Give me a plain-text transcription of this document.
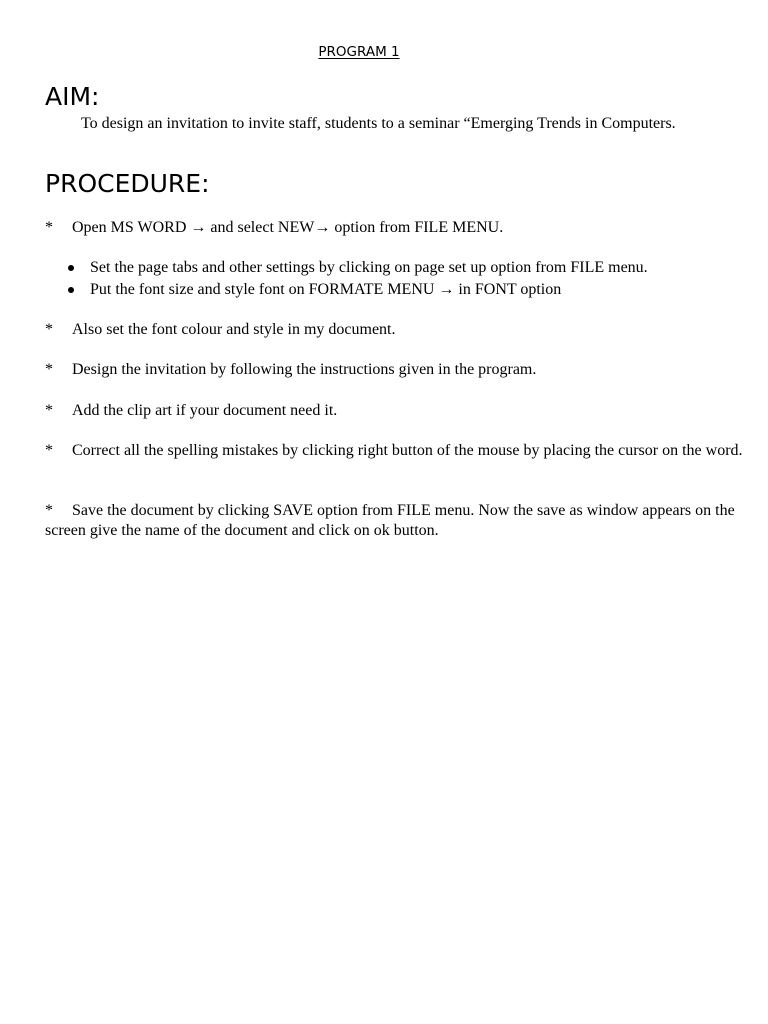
PROGRAM 1
AIM:
To design an invitation to invite staff, students to a seminar “Emerging Trends in Computers.
PROCEDURE:
* Open MS WORD → and select NEW→ option from FILE MENU.
Set the page tabs and other settings by clicking on page set up option from FILE menu.
Put the font size and style font on FORMATE MENU → in FONT option
* Also set the font colour and style in my document.
* Design the invitation by following the instructions given in the program.
* Add the clip art if your document need it.
* Correct all the spelling mistakes by clicking right button of the mouse by placing the cursor on the word.
* Save the document by clicking SAVE option from FILE menu. Now the save as window appears on the screen give the name of the document and click on ok button.
